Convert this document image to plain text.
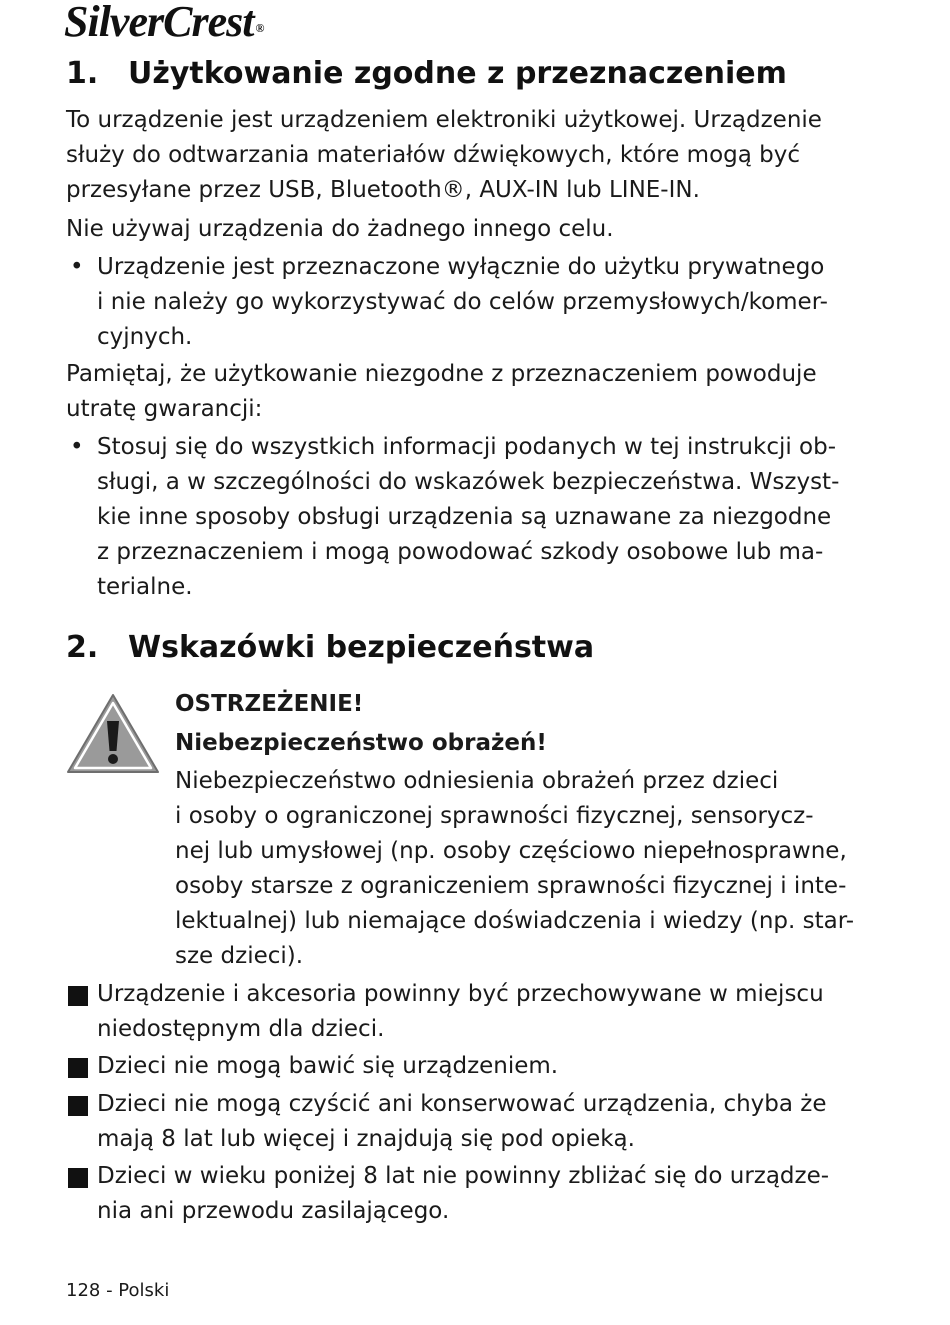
SilverCrest ®
1. Użytkowanie zgodne z przeznaczeniem
To urządzenie jest urządzeniem elektroniki użytkowej. Urządzenie
służy do odtwarzania materiałów dźwiękowych, które mogą być
przesyłane przez USB, Bluetooth®, AUX-IN lub LINE-IN.
Nie używaj urządzenia do żadnego innego celu.
• Urządzenie jest przeznaczone wyłącznie do użytku prywatnego
i nie należy go wykorzystywać do celów przemysłowych/komer-
cyjnych.
Pamiętaj, że użytkowanie niezgodne z przeznaczeniem powoduje
utratę gwarancji:
• Stosuj się do wszystkich informacji podanych w tej instrukcji ob-
sługi, a w szczególności do wskazówek bezpieczeństwa. Wszyst-
kie inne sposoby obsługi urządzenia są uznawane za niezgodne
z przeznaczeniem i mogą powodować szkody osobowe lub ma-
terialne.
2. Wskazówki bezpieczeństwa
OSTRZEŻENIE!
Niebezpieczeństwo obrażeń!
Niebezpieczeństwo odniesienia obrażeń przez dzieci
i osoby o ograniczonej sprawności fizycznej, sensorycz-
nej lub umysłowej (np. osoby częściowo niepełnosprawne,
osoby starsze z ograniczeniem sprawności fizycznej i inte-
lektualnej) lub niemające doświadczenia i wiedzy (np. star-
sze dzieci).
Urządzenie i akcesoria powinny być przechowywane w miejscu
niedostępnym dla dzieci.
Dzieci nie mogą bawić się urządzeniem.
Dzieci nie mogą czyścić ani konserwować urządzenia, chyba że
mają 8 lat lub więcej i znajdują się pod opieką.
Dzieci w wieku poniżej 8 lat nie powinny zbliżać się do urządze-
nia ani przewodu zasilającego.
128 - Polski
